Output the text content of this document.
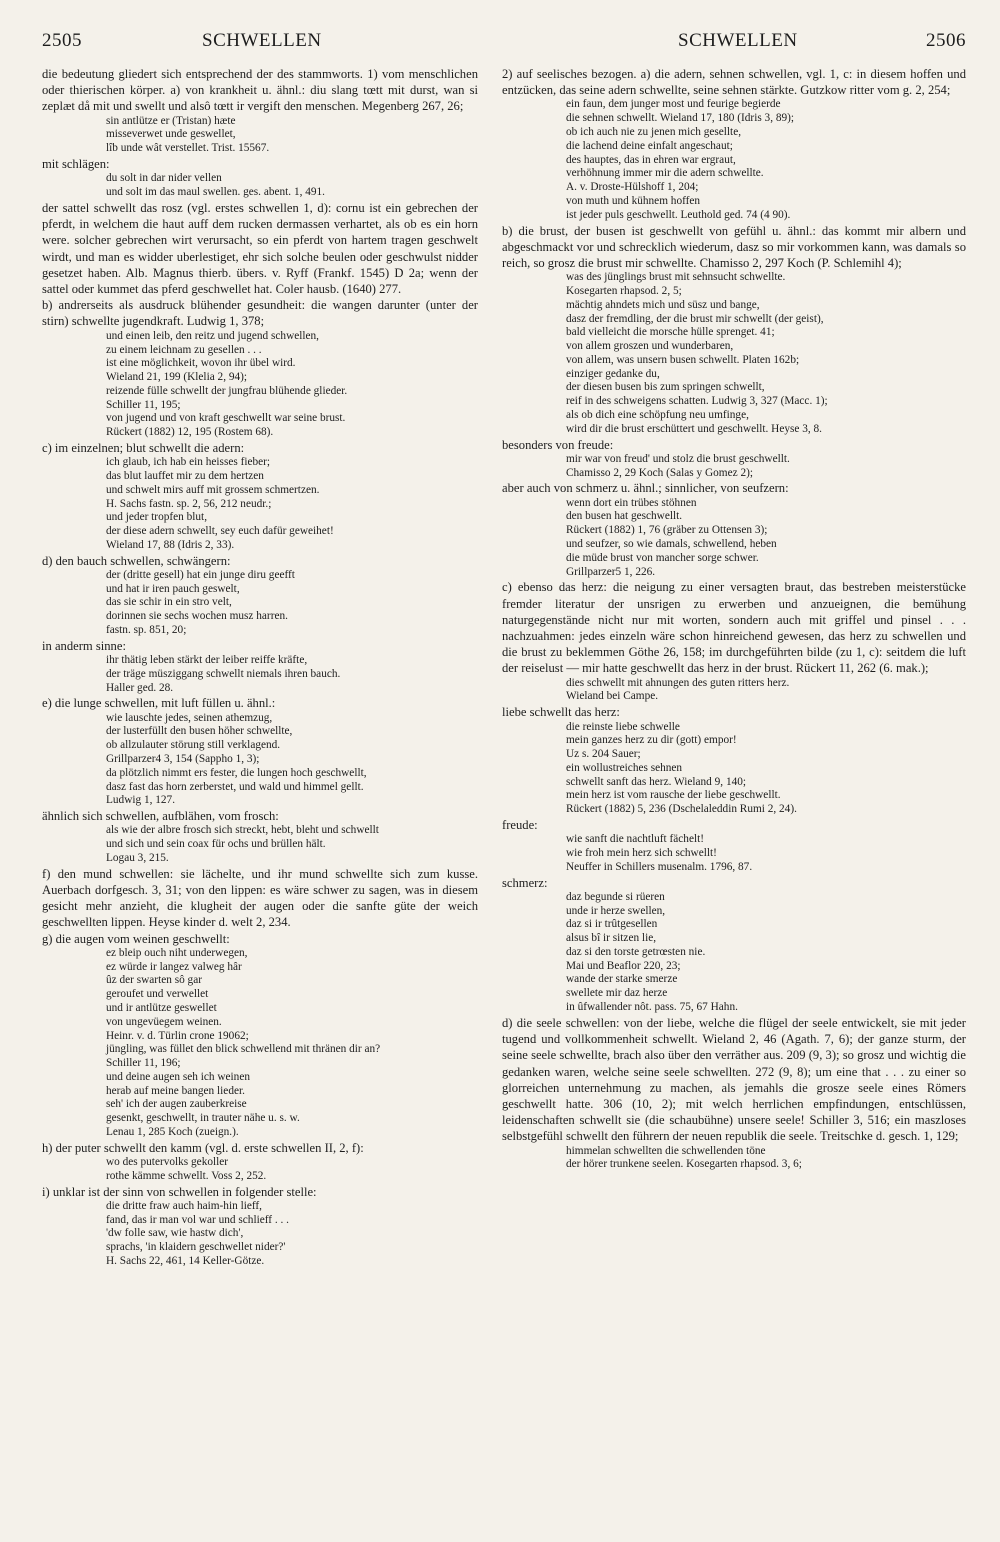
2505	SCHWELLEN	SCHWELLEN	2506

die bedeutung gliedert sich entsprechend der des stammworts. 1) vom menschlichen oder thierischen körper. a) von krankheit u. ähnl.: diu slang tœtt mit durst, wan si zeplæt då mit und swellt und alsô tœtt ir vergift den menschen. Megenberg 267, 26;

sin antlütze er (Tristan) hæte
misseverwet unde geswellet,
lîb unde wât verstellet. Trist. 15567.

mit schlägen:

du solt in dar nider vellen
und solt im das maul swellen. ges. abent. 1, 491.

der sattel schwellt das rosz (vgl. erstes schwellen 1, d): cornu ist ein gebrechen der pferdt, in welchem die haut auff dem rucken dermassen verhartet, als ob es ein horn were. solcher gebrechen wirt verursacht, so ein pferdt von hartem tragen geschwelt wirdt, und man es widder uberlestiget, ehr sich solche beulen oder geschwulst nidder gesetzet haben. Alb. Magnus thierb. übers. v. Ryff (Frankf. 1545) D 2a; wenn der sattel oder kummet das pferd geschwellet hat. Coler hausb. (1640) 277.

b) andrerseits als ausdruck blühender gesundheit: die wangen darunter (unter der stirn) schwellte jugendkraft. Ludwig 1, 378;

und einen leib, den reitz und jugend schwellen,
zu einem leichnam zu gesellen . . .
ist eine möglichkeit, wovon ihr übel wird.
Wieland 21, 199 (Klelia 2, 94);
reizende fülle schwellt der jungfrau blühende glieder.
Schiller 11, 195;
von jugend und von kraft geschwellt war seine brust.
Rückert (1882) 12, 195 (Rostem 68).

c) im einzelnen; blut schwellt die adern:

ich glaub, ich hab ein heisses fieber;
das blut lauffet mir zu dem hertzen
und schwelt mirs auff mit grossem schmertzen.
H. Sachs fastn. sp. 2, 56, 212 neudr.;
und jeder tropfen blut,
der diese adern schwellt, sey euch dafür geweihet!
Wieland 17, 88 (Idris 2, 33).

d) den bauch schwellen, schwängern:

der (dritte gesell) hat ein junge diru geefft
und hat ir iren pauch geswelt,
das sie schir in ein stro velt,
dorinnen sie sechs wochen musz harren.
fastn. sp. 851, 20;

in anderm sinne:

ihr thätig leben stärkt der leiber reiffe kräfte,
der träge müsziggang schwellt niemals ihren bauch.
Haller ged. 28.

e) die lunge schwellen, mit luft füllen u. ähnl.:

wie lauschte jedes, seinen athemzug,
der lusterfüllt den busen höher schwellte,
ob allzulauter störung still verklagend.
Grillparzer4 3, 154 (Sappho 1, 3);
da plötzlich nimmt ers fester, die lungen hoch geschwellt,
dasz fast das horn zerberstet, und wald und himmel gellt.
Ludwig 1, 127.

ähnlich sich schwellen, aufblähen, vom frosch:

als wie der albre frosch sich streckt, hebt, bleht und schwellt
und sich und sein coax für ochs und brüllen hält.
Logau 3, 215.

f) den mund schwellen: sie lächelte, und ihr mund schwellte sich zum kusse. Auerbach dorfgesch. 3, 31; von den lippen: es wäre schwer zu sagen, was in diesem gesicht mehr anzieht, die klugheit der augen oder die sanfte güte der weich geschwellten lippen. Heyse kinder d. welt 2, 234.

g) die augen vom weinen geschwellt:

ez bleip ouch niht underwegen,
ez würde ir langez valweg hâr
ûz der swarten sô gar
geroufet und verwellet
und ir antlütze geswellet
von ungevüegem weinen.
Heinr. v. d. Türlin crone 19062;
jüngling, was füllet den blick schwellend mit thränen dir an?
Schiller 11, 196;
und deine augen seh ich weinen
herab auf meine bangen lieder.
seh' ich der augen zauberkreise
gesenkt, geschwellt, in trauter nähe u. s. w.
Lenau 1, 285 Koch (zueign.).

h) der puter schwellt den kamm (vgl. d. erste schwellen II, 2, f):

wo des putervolks gekoller
rothe kämme schwellt. Voss 2, 252.

i) unklar ist der sinn von schwellen in folgender stelle:

die dritte fraw auch haim-hin lieff,
fand, das ir man vol war und schlieff . . .
'dw folle saw, wie hastw dich',
sprachs, 'in klaidern geschwellet nider?'
H. Sachs 22, 461, 14 Keller-Götze.

2) auf seelisches bezogen. a) die adern, sehnen schwellen, vgl. 1, c: in diesem hoffen und entzücken, das seine adern schwellte, seine sehnen stärkte. Gutzkow ritter vom g. 2, 254;

ein faun, dem junger most und feurige begierde
die sehnen schwellt. Wieland 17, 180 (Idris 3, 89);
ob ich auch nie zu jenen mich gesellte,
die lachend deine einfalt angeschaut;
des hauptes, das in ehren war ergraut,
verhöhnung immer mir die adern schwellte.
A. v. Droste-Hülshoff 1, 204;
von muth und kühnem hoffen
ist jeder puls geschwellt. Leuthold ged. 74 (4 90).

b) die brust, der busen ist geschwellt von gefühl u. ähnl.: das kommt mir albern und abgeschmackt vor und schrecklich wiederum, dasz so mir vorkommen kann, was damals so reich, so grosz die brust mir schwellte. Chamisso 2, 297 Koch (P. Schlemihl 4);

was des jünglings brust mit sehnsucht schwellte.
Kosegarten rhapsod. 2, 5;
mächtig ahndets mich und süsz und bange,
dasz der fremdling, der die brust mir schwellt (der geist),
bald vielleicht die morsche hülle sprenget. 41;
von allem groszen und wunderbaren,
von allem, was unsern busen schwellt. Platen 162b;
einziger gedanke du,
der diesen busen bis zum springen schwellt,
reif in des schweigens schatten. Ludwig 3, 327 (Macc. 1);
als ob dich eine schöpfung neu umfinge,
wird dir die brust erschüttert und geschwellt. Heyse 3, 8.

besonders von freude:

mir war von freud' und stolz die brust geschwellt.
Chamisso 2, 29 Koch (Salas y Gomez 2);

aber auch von schmerz u. ähnl.; sinnlicher, von seufzern:

wenn dort ein trübes stöhnen
den busen hat geschwellt.
Rückert (1882) 1, 76 (gräber zu Ottensen 3);
und seufzer, so wie damals, schwellend, heben
die müde brust von mancher sorge schwer.
Grillparzer5 1, 226.

c) ebenso das herz: die neigung zu einer versagten braut, das bestreben meisterstücke fremder literatur der unsrigen zu erwerben und anzueignen, die bemühung naturgegenstände nicht nur mit worten, sondern auch mit griffel und pinsel . . . nachzuahmen: jedes einzeln wäre schon hinreichend gewesen, das herz zu schwellen und die brust zu beklemmen Göthe 26, 158; im durchgeführten bilde (zu 1, c): seitdem die luft der reiselust — mir hatte geschwellt das herz in der brust. Rückert 11, 262 (6. mak.);

dies schwellt mit ahnungen des guten ritters herz.
Wieland bei Campe.

liebe schwellt das herz:

die reinste liebe schwelle
mein ganzes herz zu dir (gott) empor!
Uz s. 204 Sauer;
ein wollustreiches sehnen
schwellt sanft das herz. Wieland 9, 140;
mein herz ist vom rausche der liebe geschwellt.
Rückert (1882) 5, 236 (Dschelaleddin Rumi 2, 24).

freude:

wie sanft die nachtluft fächelt!
wie froh mein herz sich schwellt!
Neuffer in Schillers musenalm. 1796, 87.

schmerz:

daz begunde si rüeren
unde ir herze swellen,
daz si ir trûtgesellen
alsus bî ir sitzen lie,
daz si den torste getrœsten nie.
Mai und Beaflor 220, 23;
wande der starke smerze
swellete mir daz herze
in ûfwallender nôt. pass. 75, 67 Hahn.

d) die seele schwellen: von der liebe, welche die flügel der seele entwickelt, sie mit jeder tugend und vollkommenheit schwellt. Wieland 2, 46 (Agath. 7, 6); der ganze sturm, der seine seele schwellte, brach also über den verräther aus. 209 (9, 3); so grosz und wichtig die gedanken waren, welche seine seele schwellten. 272 (9, 8); um eine that . . . zu einer so glorreichen unternehmung zu machen, als jemahls die grosze seele eines Römers geschwellt hatte. 306 (10, 2); mit welch herrlichen empfindungen, entschlüssen, leidenschaften schwellt sie (die schaubühne) unsere seele! Schiller 3, 516; ein maszloses selbstgefühl schwellt den führern der neuen republik die seele. Treitschke d. gesch. 1, 129;

himmelan schwellten die schwellenden töne
der hörer trunkene seelen. Kosegarten rhapsod. 3, 6;
